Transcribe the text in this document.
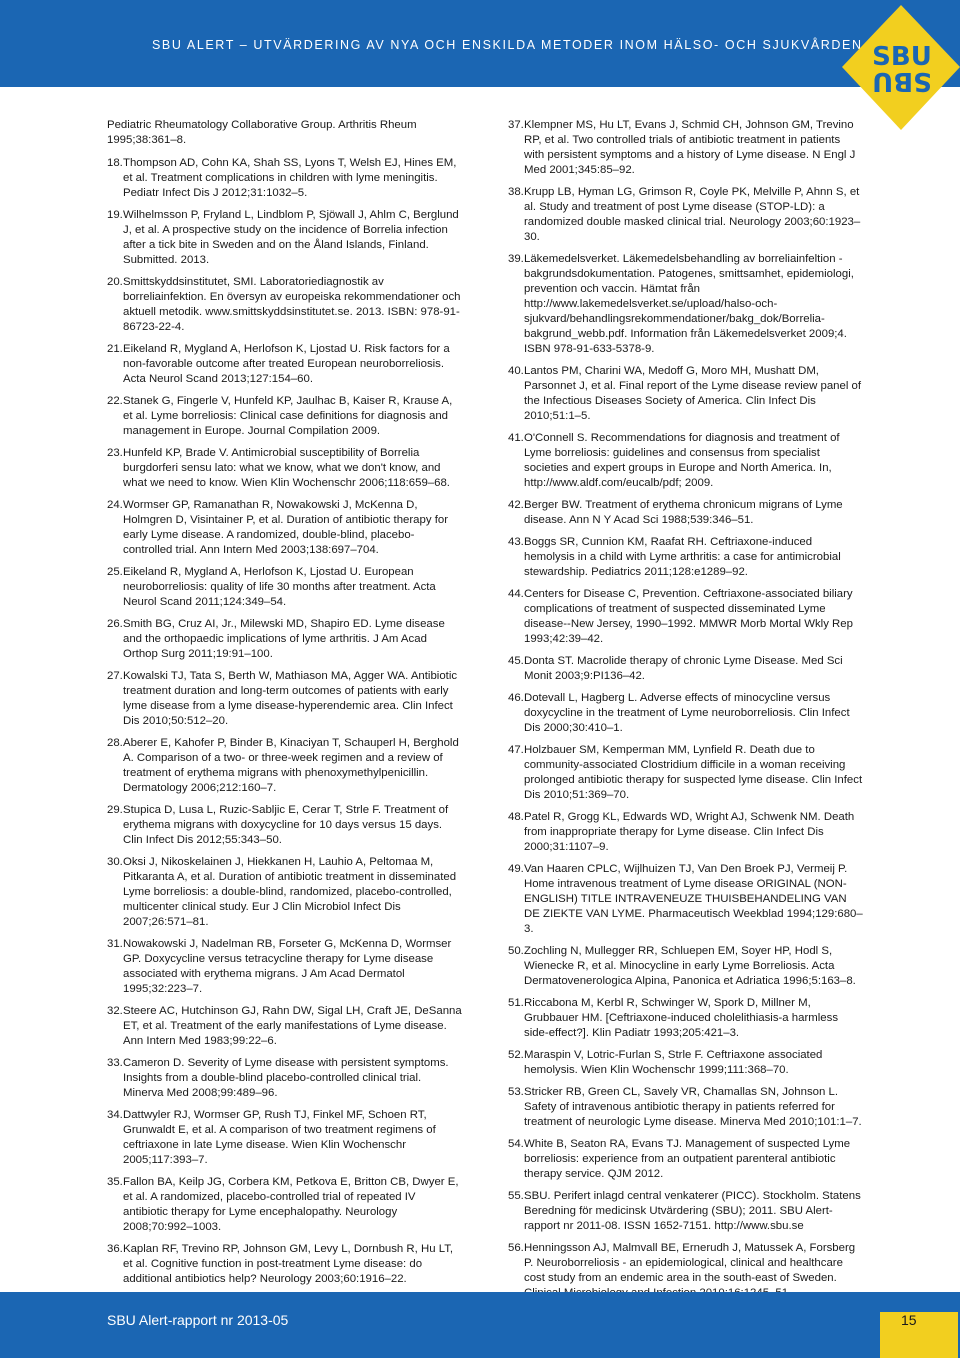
SBU ALERT – UTVÄRDERING AV NYA OCH ENSKILDA METODER INOM HÄLSO- OCH SJUKVÅRDEN SBU
SBU
Pediatric Rheumatology Collaborative Group. Arthritis Rheum 1995;38:361–8.
18. Thompson AD, Cohn KA, Shah SS, Lyons T, Welsh EJ, Hines EM, et al. Treatment complications in children with lyme meningitis. Pediatr Infect Dis J 2012;31:1032–5.
19. Wilhelmsson P, Fryland L, Lindblom P, Sjöwall J, Ahlm C, Berglund J, et al. A prospective study on the incidence of Borrelia infection after a tick bite in Sweden and on the Åland Islands, Finland. Submitted. 2013.
20. Smittskyddsinstitutet, SMI. Laboratoriediagnostik av borreliainfektion. En översyn av europeiska rekommendationer och aktuell metodik. www.smittskyddsinstitutet.se. 2013. ISBN: 978-91-86723-22-4.
21. Eikeland R, Mygland A, Herlofson K, Ljostad U. Risk factors for a non-favorable outcome after treated European neuroborreliosis. Acta Neurol Scand 2013;127:154–60.
22. Stanek G, Fingerle V, Hunfeld KP, Jaulhac B, Kaiser R, Krause A, et al. Lyme borreliosis: Clinical case definitions for diagnosis and management in Europe. Journal Compilation 2009.
23. Hunfeld KP, Brade V. Antimicrobial susceptibility of Borrelia burgdorferi sensu lato: what we know, what we don't know, and what we need to know. Wien Klin Wochenschr 2006;118:659–68.
24. Wormser GP, Ramanathan R, Nowakowski J, McKenna D, Holmgren D, Visintainer P, et al. Duration of antibiotic therapy for early Lyme disease. A randomized, double-blind, placebo-controlled trial. Ann Intern Med 2003;138:697–704.
25. Eikeland R, Mygland A, Herlofson K, Ljostad U. European neuroborreliosis: quality of life 30 months after treatment. Acta Neurol Scand 2011;124:349–54.
26. Smith BG, Cruz AI, Jr., Milewski MD, Shapiro ED. Lyme disease and the orthopaedic implications of lyme arthritis. J Am Acad Orthop Surg 2011;19:91–100.
27. Kowalski TJ, Tata S, Berth W, Mathiason MA, Agger WA. Antibiotic treatment duration and long-term outcomes of patients with early lyme disease from a lyme disease-hyperendemic area. Clin Infect Dis 2010;50:512–20.
28. Aberer E, Kahofer P, Binder B, Kinaciyan T, Schauperl H, Berghold A. Comparison of a two- or three-week regimen and a review of treatment of erythema migrans with phenoxymethylpenicillin. Dermatology 2006;212:160–7.
29. Stupica D, Lusa L, Ruzic-Sabljic E, Cerar T, Strle F. Treatment of erythema migrans with doxycycline for 10 days versus 15 days. Clin Infect Dis 2012;55:343–50.
30. Oksi J, Nikoskelainen J, Hiekkanen H, Lauhio A, Peltomaa M, Pitkaranta A, et al. Duration of antibiotic treatment in disseminated Lyme borreliosis: a double-blind, randomized, placebo-controlled, multicenter clinical study. Eur J Clin Microbiol Infect Dis 2007;26:571–81.
31. Nowakowski J, Nadelman RB, Forseter G, McKenna D, Wormser GP. Doxycycline versus tetracycline therapy for Lyme disease associated with erythema migrans. J Am Acad Dermatol 1995;32:223–7.
32. Steere AC, Hutchinson GJ, Rahn DW, Sigal LH, Craft JE, DeSanna ET, et al. Treatment of the early manifestations of Lyme disease. Ann Intern Med 1983;99:22–6.
33. Cameron D. Severity of Lyme disease with persistent symptoms. Insights from a double-blind placebo-controlled clinical trial. Minerva Med 2008;99:489–96.
34. Dattwyler RJ, Wormser GP, Rush TJ, Finkel MF, Schoen RT, Grunwaldt E, et al. A comparison of two treatment regimens of ceftriaxone in late Lyme disease. Wien Klin Wochenschr 2005;117:393–7.
35. Fallon BA, Keilp JG, Corbera KM, Petkova E, Britton CB, Dwyer E, et al. A randomized, placebo-controlled trial of repeated IV antibiotic therapy for Lyme encephalopathy. Neurology 2008;70:992–1003.
36. Kaplan RF, Trevino RP, Johnson GM, Levy L, Dornbush R, Hu LT, et al. Cognitive function in post-treatment Lyme disease: do additional antibiotics help? Neurology 2003;60:1916–22.
37. Klempner MS, Hu LT, Evans J, Schmid CH, Johnson GM, Trevino RP, et al. Two controlled trials of antibiotic treatment in patients with persistent symptoms and a history of Lyme disease. N Engl J Med 2001;345:85–92.
38. Krupp LB, Hyman LG, Grimson R, Coyle PK, Melville P, Ahnn S, et al. Study and treatment of post Lyme disease (STOP-LD): a randomized double masked clinical trial. Neurology 2003;60:1923–30.
39. Läkemedelsverket. Läkemedelsbehandling av borreliainfeltion - bakgrundsdokumentation. Patogenes, smittsamhet, epidemiologi, prevention och vaccin. Hämtat från http://www.lakemedelsverket.se/upload/halso-och-sjukvard/behandlingsrekommendationer/bakg_dok/Borrelia-bakgrund_webb.pdf. Information från Läkemedelsverket 2009;4. ISBN 978-91-633-5378-9.
40. Lantos PM, Charini WA, Medoff G, Moro MH, Mushatt DM, Parsonnet J, et al. Final report of the Lyme disease review panel of the Infectious Diseases Society of America. Clin Infect Dis 2010;51:1–5.
41. O'Connell S. Recommendations for diagnosis and treatment of Lyme borreliosis: guidelines and consensus from specialist societies and expert groups in Europe and North America. In, http://www.aldf.com/eucalb/pdf; 2009.
42. Berger BW. Treatment of erythema chronicum migrans of Lyme disease. Ann N Y Acad Sci 1988;539:346–51.
43. Boggs SR, Cunnion KM, Raafat RH. Ceftriaxone-induced hemolysis in a child with Lyme arthritis: a case for antimicrobial stewardship. Pediatrics 2011;128:e1289–92.
44. Centers for Disease C, Prevention. Ceftriaxone-associated biliary complications of treatment of suspected disseminated Lyme disease--New Jersey, 1990–1992. MMWR Morb Mortal Wkly Rep 1993;42:39–42.
45. Donta ST. Macrolide therapy of chronic Lyme Disease. Med Sci Monit 2003;9:PI136–42.
46. Dotevall L, Hagberg L. Adverse effects of minocycline versus doxycycline in the treatment of Lyme neuroborreliosis. Clin Infect Dis 2000;30:410–1.
47. Holzbauer SM, Kemperman MM, Lynfield R. Death due to community-associated Clostridium difficile in a woman receiving prolonged antibiotic therapy for suspected lyme disease. Clin Infect Dis 2010;51:369–70.
48. Patel R, Grogg KL, Edwards WD, Wright AJ, Schwenk NM. Death from inappropriate therapy for Lyme disease. Clin Infect Dis 2000;31:1107–9.
49. Van Haaren CPLC, Wijlhuizen TJ, Van Den Broek PJ, Vermeij P. Home intravenous treatment of Lyme disease ORIGINAL (NON-ENGLISH) TITLE INTRAVENEUZE THUISBEHANDELING VAN DE ZIEKTE VAN LYME. Pharmaceutisch Weekblad 1994;129:680–3.
50. Zochling N, Mullegger RR, Schluepen EM, Soyer HP, Hodl S, Wienecke R, et al. Minocycline in early Lyme Borreliosis. Acta Dermatovenerologica Alpina, Panonica et Adriatica 1996;5:163–8.
51. Riccabona M, Kerbl R, Schwinger W, Spork D, Millner M, Grubbauer HM. [Ceftriaxone-induced cholelithiasis-a harmless side-effect?]. Klin Padiatr 1993;205:421–3.
52. Maraspin V, Lotric-Furlan S, Strle F. Ceftriaxone associated hemolysis. Wien Klin Wochenschr 1999;111:368–70.
53. Stricker RB, Green CL, Savely VR, Chamallas SN, Johnson L. Safety of intravenous antibiotic therapy in patients referred for treatment of neurologic Lyme disease. Minerva Med 2010;101:1–7.
54. White B, Seaton RA, Evans TJ. Management of suspected Lyme borreliosis: experience from an outpatient parenteral antibiotic therapy service. QJM 2012.
55. SBU. Perifert inlagd central venkaterer (PICC). Stockholm. Statens Beredning för medicinsk Utvärdering (SBU); 2011. SBU Alert-rapport nr 2011-08. ISSN 1652-7151. http://www.sbu.se
56. Henningsson AJ, Malmvall BE, Ernerudh J, Matussek A, Forsberg P. Neuroborreliosis - an epidemiological, clinical and healthcare cost study from an endemic area in the south-east of Sweden.
SBU Alert-rapport nr 2013-05	15
